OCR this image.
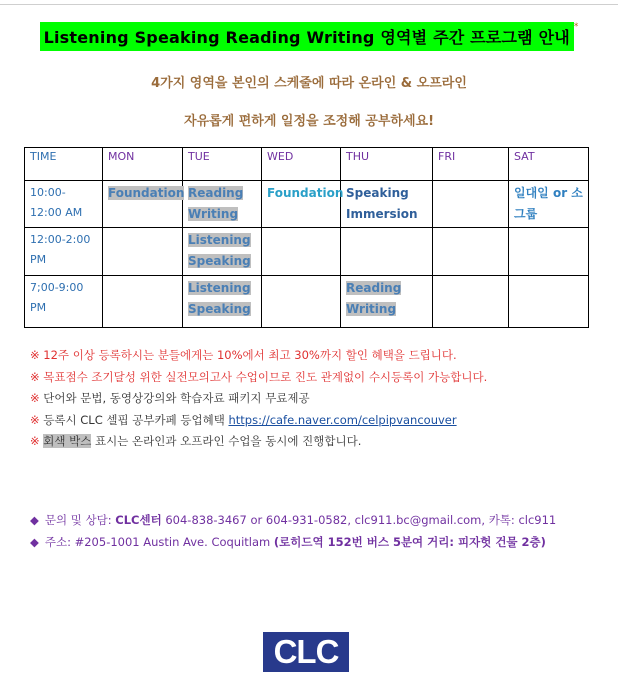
Listening Speaking Reading Writing 영역별 주간 프로그램 안내*
4가지 영역을 본인의 스케줄에 따라 온라인 & 오프라인
자유롭게 편하게 일정을 조정해 공부하세요!
TIME	MON	TUE	WED	THU	FRI	SAT
10:00-12:00 AM	Foundation	Reading Writing	Foundation	Speaking Immersion		일대일 or 소그룹
12:00-2:00 PM		Listening Speaking				
7;00-9:00 PM		Listening Speaking		Reading Writing		
※ 12주 이상 등록하시는 분들에게는 10%에서 최고 30%까지 할인 혜택을 드립니다.
※ 목표점수 조기달성 위한 실전모의고사 수업이므로 진도 관계없이 수시등록이 가능합니다.
※ 단어와 문법, 동영상강의와 학습자료 패키지 무료제공
※ 등록시 CLC 셀핍 공부카페 등업혜택 https://cafe.naver.com/celpipvancouver
※ 회색 박스 표시는 온라인과 오프라인 수업을 동시에 진행합니다.
◆ 문의 및 상담: CLC센터 604-838-3467 or 604-931-0582, clc911.bc@gmail.com, 카톡: clc911
◆ 주소: #205-1001 Austin Ave. Coquitlam (로히드역 152번 버스 5분여 거리: 피자헛 건물 2층)
CLC
